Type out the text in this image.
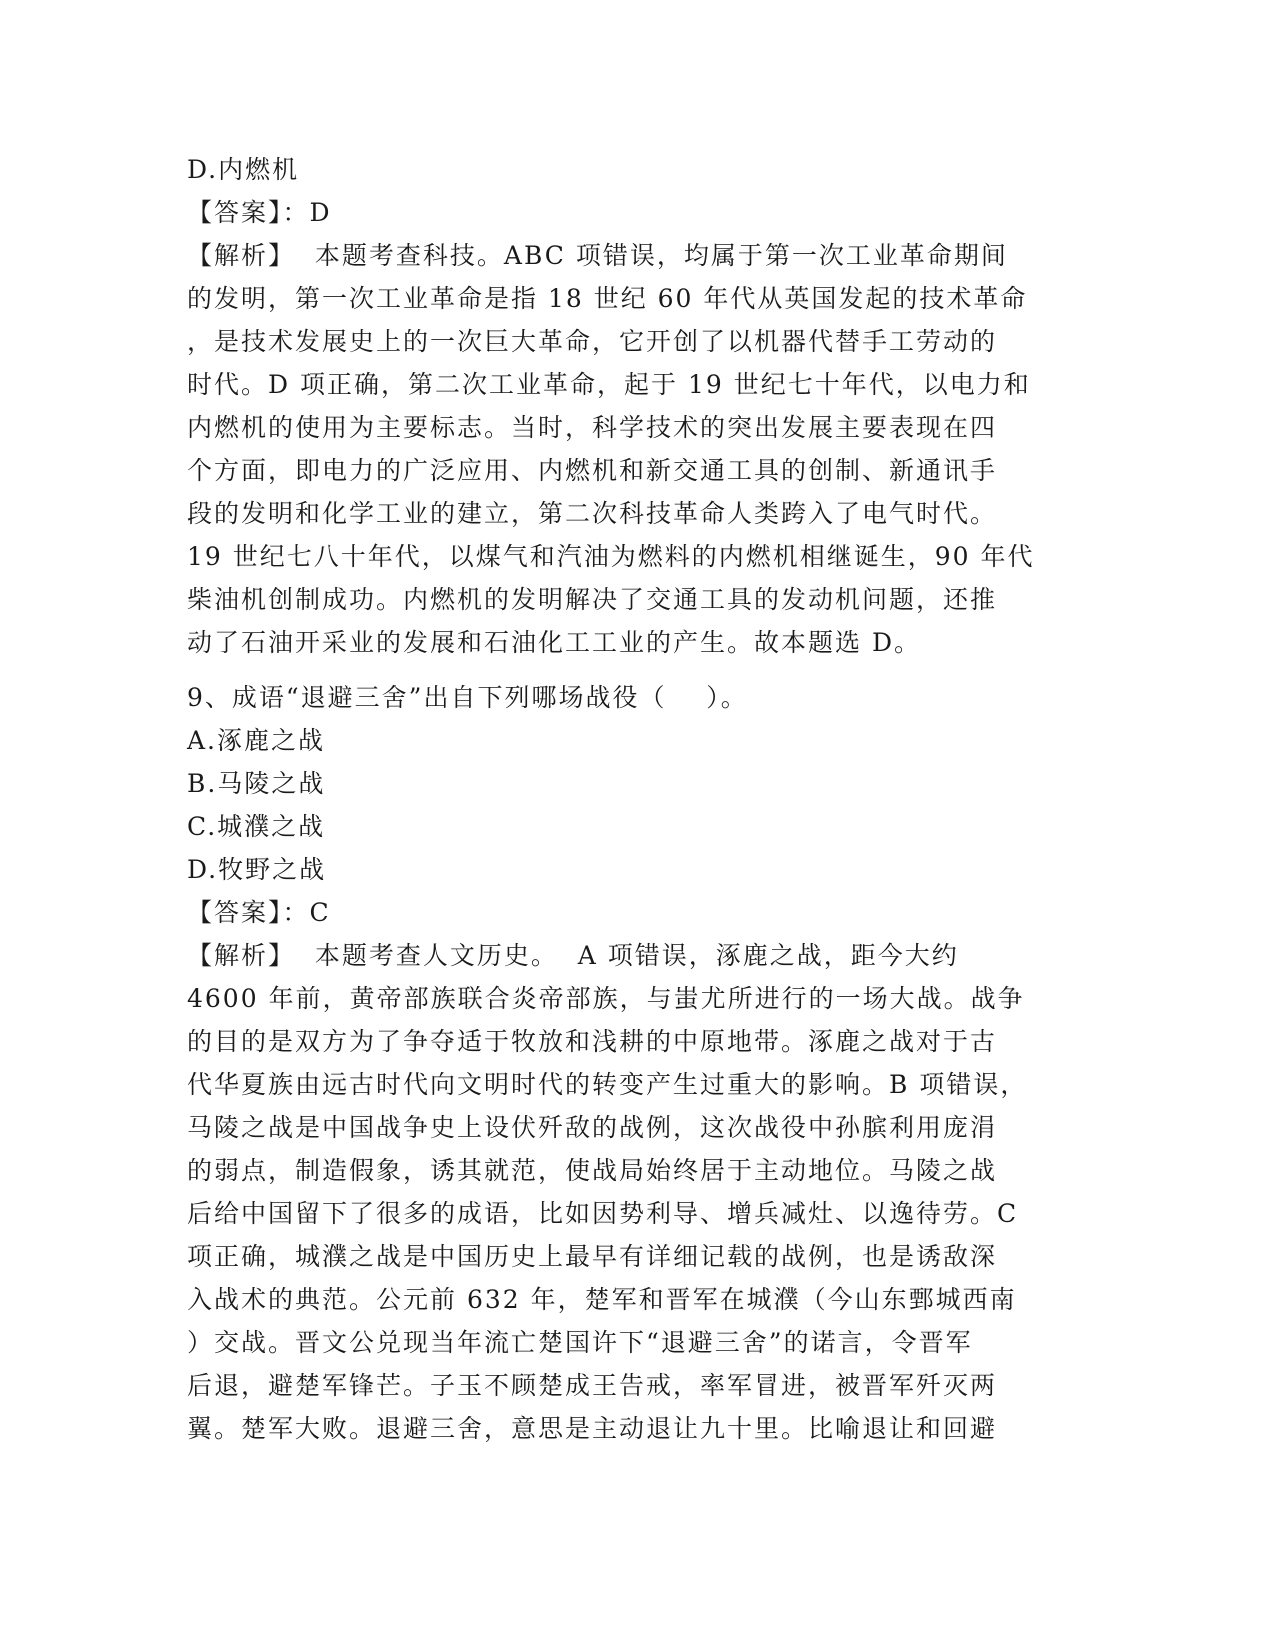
D.内燃机
【答案】：D
【解析】  本题考查科技。ABC 项错误，均属于第一次工业革命期间
的发明，第一次工业革命是指 18 世纪 60 年代从英国发起的技术革命
，是技术发展史上的一次巨大革命，它开创了以机器代替手工劳动的
时代。D 项正确，第二次工业革命，起于 19 世纪七十年代，以电力和
内燃机的使用为主要标志。当时，科学技术的突出发展主要表现在四
个方面，即电力的广泛应用、内燃机和新交通工具的创制、新通讯手
段的发明和化学工业的建立，第二次科技革命人类跨入了电气时代。
19 世纪七八十年代，以煤气和汽油为燃料的内燃机相继诞生，90 年代
柴油机创制成功。内燃机的发明解决了交通工具的发动机问题，还推
动了石油开采业的发展和石油化工工业的产生。故本题选 D。
9、成语“退避三舍”出自下列哪场战役（    ）。
A.涿鹿之战
B.马陵之战
C.城濮之战
D.牧野之战
【答案】：C
【解析】  本题考查人文历史。  A 项错误，涿鹿之战，距今大约
4600 年前，黄帝部族联合炎帝部族，与蚩尤所进行的一场大战。战争
的目的是双方为了争夺适于牧放和浅耕的中原地带。涿鹿之战对于古
代华夏族由远古时代向文明时代的转变产生过重大的影响。B 项错误，
马陵之战是中国战争史上设伏歼敌的战例，这次战役中孙膑利用庞涓
的弱点，制造假象，诱其就范，使战局始终居于主动地位。马陵之战
后给中国留下了很多的成语，比如因势利导、增兵减灶、以逸待劳。C
项正确，城濮之战是中国历史上最早有详细记载的战例，也是诱敌深
入战术的典范。公元前 632 年，楚军和晋军在城濮（今山东鄄城西南
）交战。晋文公兑现当年流亡楚国许下“退避三舍”的诺言，令晋军
后退，避楚军锋芒。子玉不顾楚成王告戒，率军冒进，被晋军歼灭两
翼。楚军大败。退避三舍，意思是主动退让九十里。比喻退让和回避
